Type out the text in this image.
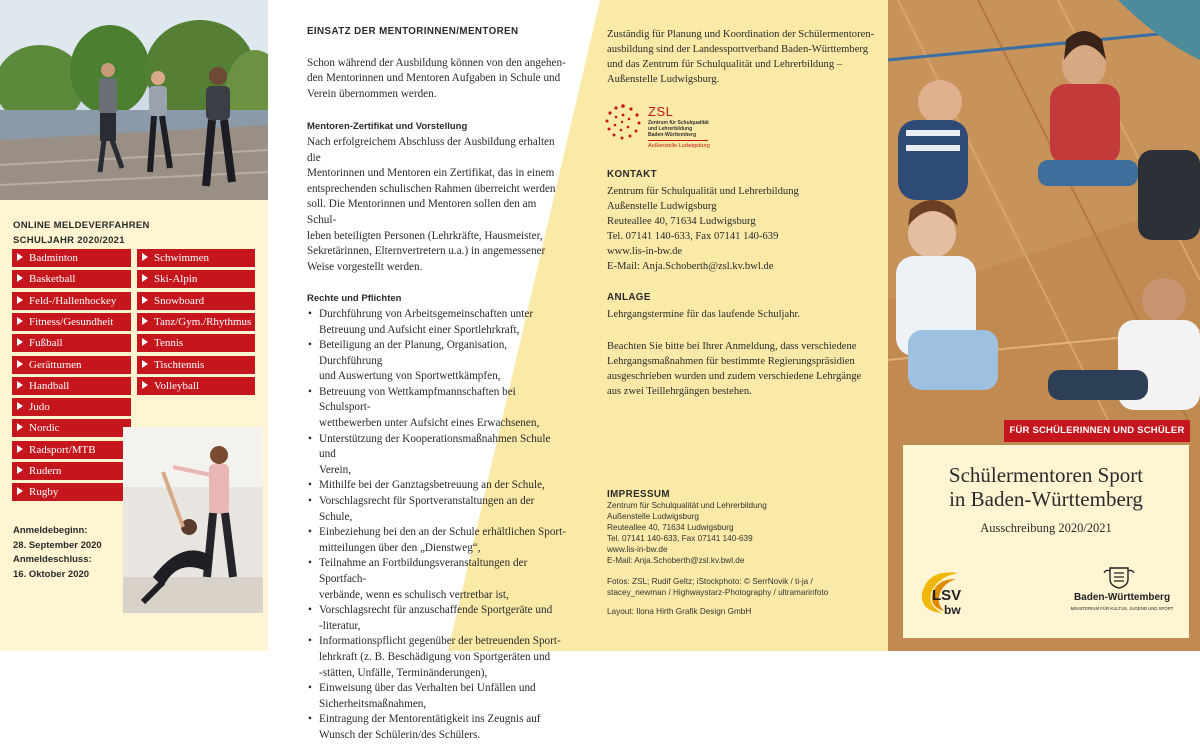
ONLINE MELDEVERFAHREN
SCHULJAHR 2020/2021
Badminton
Basketball
Feld-/Hallenhockey
Fitness/Gesundheit
Fußball
Gerätturnen
Handball
Judo
Nordic
Radsport/MTB
Rudern
Rugby
Schwimmen
Ski-Alpin
Snowboard
Tanz/Gym./Rhythmus
Tennis
Tischtennis
Volleyball
Anmeldebeginn:
28. September 2020
Anmeldeschluss:
16. Oktober 2020
EINSATZ DER MENTORINNEN/MENTOREN
Schon während der Ausbildung können von den angehen-
den Mentorinnen und Mentoren Aufgaben in Schule und
Verein übernommen werden.
Mentoren-Zertifikat und Vorstellung
Nach erfolgreichem Abschluss der Ausbildung erhalten die
Mentorinnen und Mentoren ein Zertifikat, das in einem
entsprechenden schulischen Rahmen überreicht werden
soll. Die Mentorinnen und Mentoren sollen den am Schul-
leben beteiligten Personen (Lehrkräfte, Hausmeister,
Sekretärinnen, Elternvertretern u.a.) in angemessener
Weise vorgestellt werden.
Rechte und Pflichten
• Durchführung von Arbeitsgemeinschaften unter
Betreuung und Aufsicht einer Sportlehrkraft,
• Beteiligung an der Planung, Organisation, Durchführung
und Auswertung von Sportwettkämpfen,
• Betreuung von Wettkampfmannschaften bei Schulsport-
wettbewerben unter Aufsicht eines Erwachsenen,
• Unterstützung der Kooperationsmaßnahmen Schule und
Verein,
• Mithilfe bei der Ganztagsbetreuung an der Schule,
• Vorschlagsrecht für Sportveranstaltungen an der Schule,
• Einbeziehung bei den an der Schule erhältlichen Sport-
mitteilungen über den „Dienstweg“,
• Teilnahme an Fortbildungsveranstaltungen der Sportfach-
verbände, wenn es schulisch vertretbar ist,
• Vorschlagsrecht für anzuschaffende Sportgeräte und
-literatur,
• Informationspflicht gegenüber der betreuenden Sport-
lehrkraft (z. B. Beschädigung von Sportgeräten und
-stätten, Unfälle, Terminänderungen),
• Einweisung über das Verhalten bei Unfällen und
Sicherheitsmaßnahmen,
• Eintragung der Mentorentätigkeit ins Zeugnis auf
Wunsch der Schülerin/des Schülers.
Zuständig für Planung und Koordination der Schülermentoren-
ausbildung sind der Landessportverband Baden-Württemberg
und das Zentrum für Schulqualität und Lehrerbildung –
Außenstelle Ludwigsburg.
ZSL
Zentrum für Schulqualität
und Lehrerbildung
Baden-Württemberg
Außenstelle Ludwigsburg
KONTAKT
Zentrum für Schulqualität und Lehrerbildung
Außenstelle Ludwigsburg
Reuteallee 40, 71634 Ludwigsburg
Tel. 07141 140-633, Fax 07141 140-639
www.lis-in-bw.de
E-Mail: Anja.Schoberth@zsl.kv.bwl.de
ANLAGE
Lehrgangstermine für das laufende Schuljahr.
Beachten Sie bitte bei Ihrer Anmeldung, dass verschiedene
Lehrgangsmaßnahmen für bestimmte Regierungspräsidien
ausgeschrieben wurden und zudem verschiedene Lehrgänge
aus zwei Teillehrgängen bestehen.
IMPRESSUM
Zentrum für Schulqualität und Lehrerbildung
Außenstelle Ludwigsburg
Reuteallee 40, 71634 Ludwigsburg
Tel. 07141 140-633, Fax 07141 140-639
www.lis-in-bw.de
E-Mail: Anja.Schoberth@zsl.kv.bwl.de
Fotos: ZSL; Rudif Geltz; iStockphoto: © SerrNovik / ti-ja /
stacey_newman / Highwaystarz-Photography / ultramarinfoto
Layout: Ilona Hirth Grafik Design GmbH
FÜR SCHÜLERINNEN UND SCHÜLER
Schülermentoren Sport
in Baden-Württemberg
Ausschreibung 2020/2021
LSV
bw
Baden-Württemberg
MINISTERIUM FÜR KULTUS, JUGEND UND SPORT
